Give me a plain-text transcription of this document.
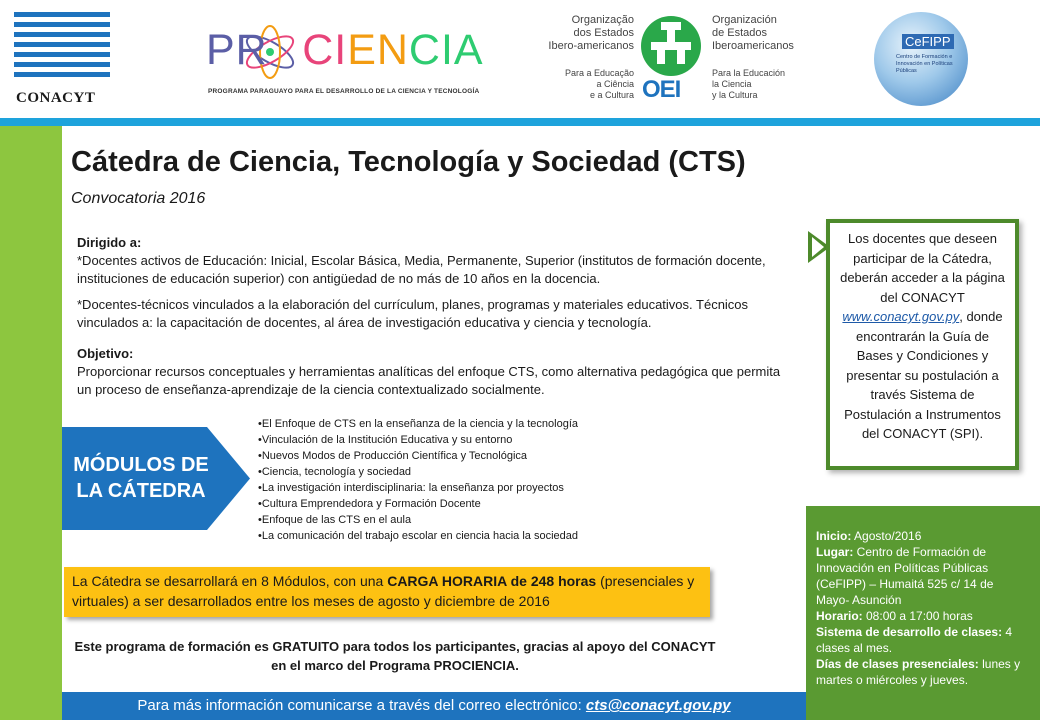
CONACYT
PR CIENCIA
PROGRAMA PARAGUAYO PARA EL DESARROLLO DE LA CIENCIA Y TECNOLOGÍA
Organização
dos Estados
Ibero-americanos
Para a Educação
a Ciência
e a Cultura OEI
Organización
de Estados
Iberoamericanos
Para la Educación
la Ciencia
y la Cultura
CeFIPP
Centro de Formación e Innovación en Políticas Públicas
Cátedra de Ciencia, Tecnología y Sociedad (CTS)
Convocatoria 2016
Dirigido a:
*Docentes activos de Educación: Inicial, Escolar Básica, Media, Permanente, Superior (institutos de formación docente, instituciones de educación superior) con antigüedad de no más de 10 años en la docencia.
*Docentes-técnicos vinculados a la elaboración del currículum, planes, programas y materiales educativos. Técnicos vinculados a: la capacitación de docentes, al área de investigación educativa y ciencia y tecnología.
Objetivo:
Proporcionar recursos conceptuales y herramientas analíticas del enfoque CTS, como alternativa pedagógica que permita un proceso de enseñanza-aprendizaje de la ciencia contextualizado socialmente.
MÓDULOS DE LA CÁTEDRA
•El Enfoque de CTS en la enseñanza de la ciencia y la tecnología
•Vinculación de la Institución Educativa y su entorno
•Nuevos Modos de Producción Científica y Tecnológica
•Ciencia, tecnología y sociedad
•La investigación interdisciplinaria: la enseñanza por proyectos
•Cultura Emprendedora y Formación Docente
•Enfoque de las CTS en el aula
•La comunicación del trabajo escolar en ciencia hacia la sociedad
La Cátedra se desarrollará en 8 Módulos, con una CARGA HORARIA de 248 horas (presenciales y virtuales) a ser desarrollados entre los meses de agosto y diciembre de 2016
Este programa de formación es GRATUITO para todos los participantes, gracias al apoyo del CONACYT en el marco del Programa PROCIENCIA.
Para más información comunicarse a través del correo electrónico: cts@conacyt.gov.py
Los docentes que deseen participar de la Cátedra, deberán acceder a la página del CONACYT www.conacyt.gov.py, donde encontrarán la Guía de Bases y Condiciones y presentar su postulación a través Sistema de Postulación a Instrumentos del CONACYT (SPI).
Inicio: Agosto/2016
Lugar: Centro de Formación de Innovación en Políticas Públicas (CeFIPP) – Humaitá 525 c/ 14 de Mayo- Asunción
Horario: 08:00 a 17:00 horas
Sistema de desarrollo de clases: 4 clases al mes.
Días de clases presenciales: lunes y martes o miércoles y jueves.
